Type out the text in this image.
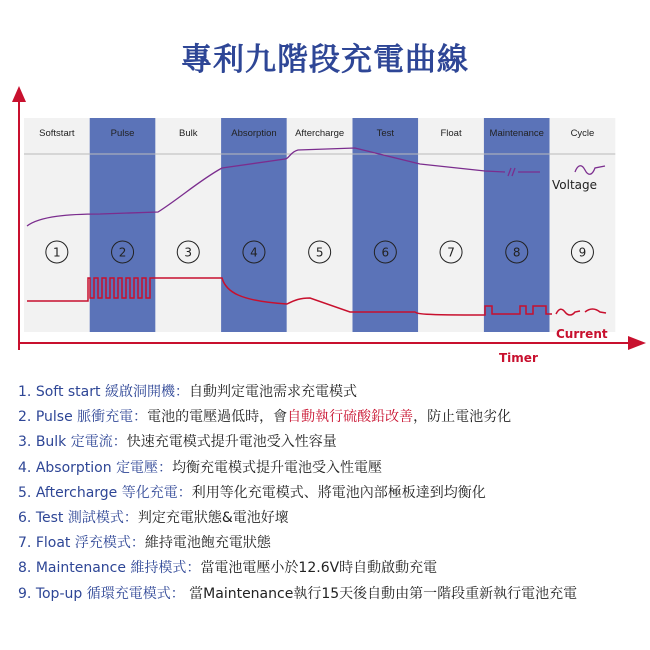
專利九階段充電曲線
Softstart	Pulse	Bulk	Absorption Aftercharge	Test	Float	Maintenance	Cycle
1	2	3	4	5	6	7	8	9
Voltage
Current
Timer
1. Soft start 緩啟洞開機：自動判定電池需求充電模式
2. Pulse 脈衝充電：電池的電壓過低時，會自動執行硫酸鉛改善，防止電池劣化
3. Bulk 定電流：快速充電模式提升電池受入性容量
4. Absorption 定電壓：均衡充電模式提升電池受入性電壓
5. Aftercharge 等化充電：利用等化充電模式、將電池內部極板達到均衡化
6. Test 測試模式：判定充電狀態&電池好壞
7. Float 浮充模式：維持電池飽充電狀態
8. Maintenance 維持模式：當電池電壓小於12.6V時自動啟動充電
9. Top-up 循環充電模式： 當Maintenance執行15天後自動由第一階段重新執行電池充電
